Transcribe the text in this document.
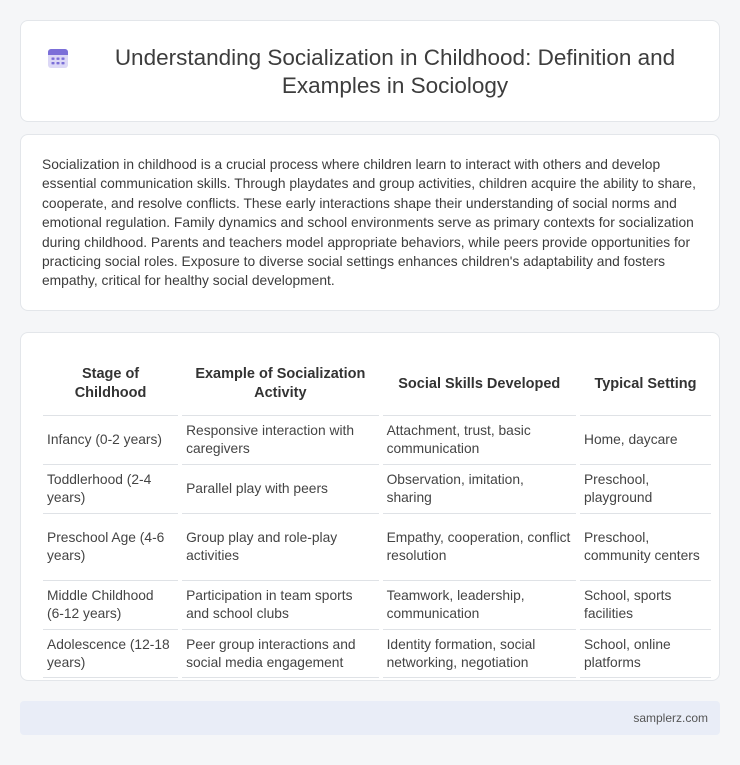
Understanding Socialization in Childhood: Definition and Examples in Sociology

Socialization in childhood is a crucial process where children learn to interact with others and develop essential communication skills. Through playdates and group activities, children acquire the ability to share, cooperate, and resolve conflicts. These early interactions shape their understanding of social norms and emotional regulation. Family dynamics and school environments serve as primary contexts for socialization during childhood. Parents and teachers model appropriate behaviors, while peers provide opportunities for practicing social roles. Exposure to diverse social settings enhances children's adaptability and fosters empathy, critical for healthy social development.

Stage of Childhood	Example of Socialization Activity	Social Skills Developed	Typical Setting
Infancy (0-2 years)	Responsive interaction with caregivers	Attachment, trust, basic communication	Home, daycare
Toddlerhood (2-4 years)	Parallel play with peers	Observation, imitation, sharing	Preschool, playground
Preschool Age (4-6 years)	Group play and role-play activities	Empathy, cooperation, conflict resolution	Preschool, community centers
Middle Childhood (6-12 years)	Participation in team sports and school clubs	Teamwork, leadership, communication	School, sports facilities
Adolescence (12-18 years)	Peer group interactions and social media engagement	Identity formation, social networking, negotiation	School, online platforms
samplerz.com
